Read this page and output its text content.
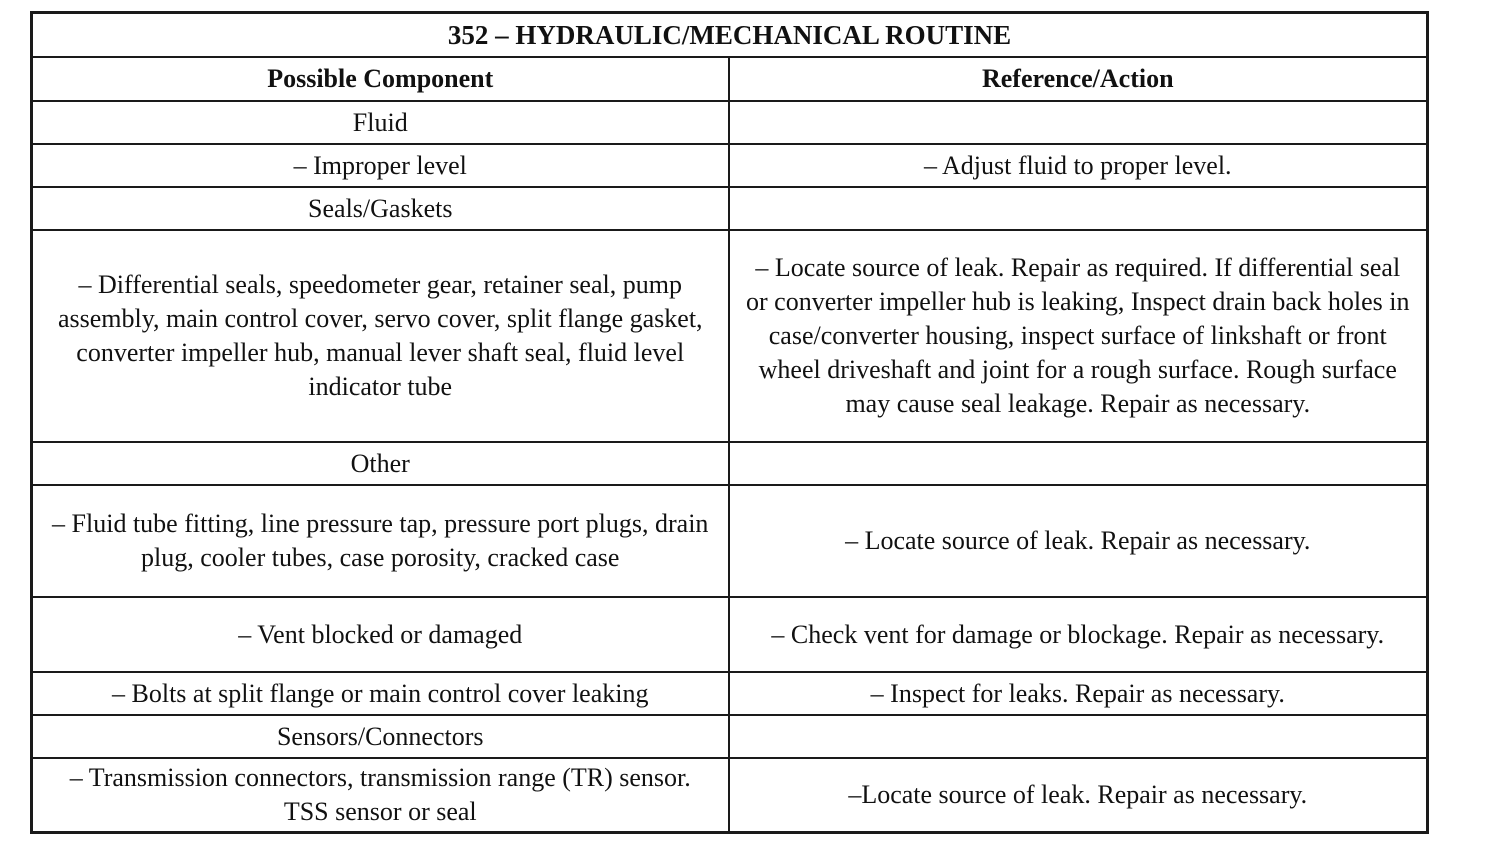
352 – HYDRAULIC/MECHANICAL ROUTINE	
Possible Component	Reference/Action
Fluid	
– Improper level	– Adjust fluid to proper level.
Seals/Gaskets	
– Differential seals, speedometer gear, retainer seal, pump assembly, main control cover, servo cover, split flange gasket, converter impeller hub, manual lever shaft seal, fluid level indicator tube	– Locate source of leak. Repair as required. If differential seal or converter impeller hub is leaking, Inspect drain back holes in case/converter housing, inspect surface of linkshaft or front wheel driveshaft and joint for a rough surface. Rough surface may cause seal leakage. Repair as necessary.
Other	
– Fluid tube fitting, line pressure tap, pressure port plugs, drain plug, cooler tubes, case porosity, cracked case	– Locate source of leak. Repair as necessary.
– Vent blocked or damaged	– Check vent for damage or blockage. Repair as necessary.
– Bolts at split flange or main control cover leaking	– Inspect for leaks. Repair as necessary.
Sensors/Connectors	
– Transmission connectors, transmission range (TR) sensor. TSS sensor or seal	–Locate source of leak. Repair as necessary.
